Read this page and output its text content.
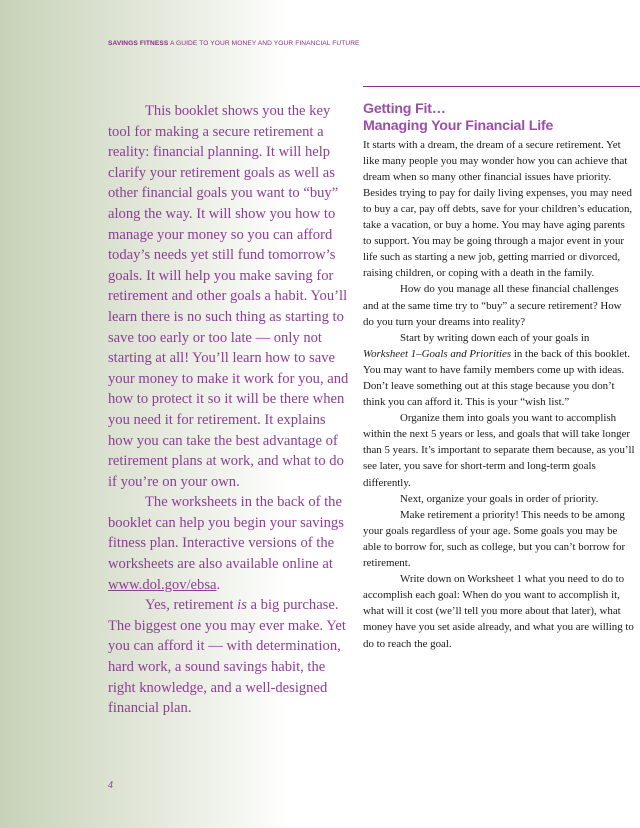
SAVINGS FITNESS A GUIDE TO YOUR MONEY AND YOUR FINANCIAL FUTURE

This booklet shows you the key tool for making a secure retirement a reality: financial planning. It will help clarify your retirement goals as well as other financial goals you want to “buy” along the way. It will show you how to manage your money so you can afford today’s needs yet still fund tomorrow’s goals. It will help you make saving for retirement and other goals a habit. You’ll learn there is no such thing as starting to save too early or too late — only not starting at all! You’ll learn how to save your money to make it work for you, and how to protect it so it will be there when you need it for retirement. It explains how you can take the best advantage of retirement plans at work, and what to do if you’re on your own.

The worksheets in the back of the booklet can help you begin your savings fitness plan. Interactive versions of the worksheets are also available online at www.dol.gov/ebsa.

Yes, retirement is a big purchase. The biggest one you may ever make. Yet you can afford it — with determination, hard work, a sound savings habit, the right knowledge, and a well-designed financial plan.

Getting Fit…
Managing Your Financial Life

It starts with a dream, the dream of a secure retirement. Yet like many people you may wonder how you can achieve that dream when so many other financial issues have priority. Besides trying to pay for daily living expenses, you may need to buy a car, pay off debts, save for your children’s education, take a vacation, or buy a home. You may have aging parents to support. You may be going through a major event in your life such as starting a new job, getting married or divorced, raising children, or coping with a death in the family.

How do you manage all these financial challenges and at the same time try to “buy” a secure retirement? How do you turn your dreams into reality?

Start by writing down each of your goals in Worksheet 1–Goals and Priorities in the back of this booklet. You may want to have family members come up with ideas. Don’t leave something out at this stage because you don’t think you can afford it. This is your “wish list.”

Organize them into goals you want to accomplish within the next 5 years or less, and goals that will take longer than 5 years. It’s important to separate them because, as you’ll see later, you save for short-term and long-term goals differently.

Next, organize your goals in order of priority.

Make retirement a priority! This needs to be among your goals regardless of your age. Some goals you may be able to borrow for, such as college, but you can’t borrow for retirement.

Write down on Worksheet 1 what you need to do to accomplish each goal: When do you want to accomplish it, what will it cost (we’ll tell you more about that later), what money have you set aside already, and what you are willing to do to reach the goal.

4
